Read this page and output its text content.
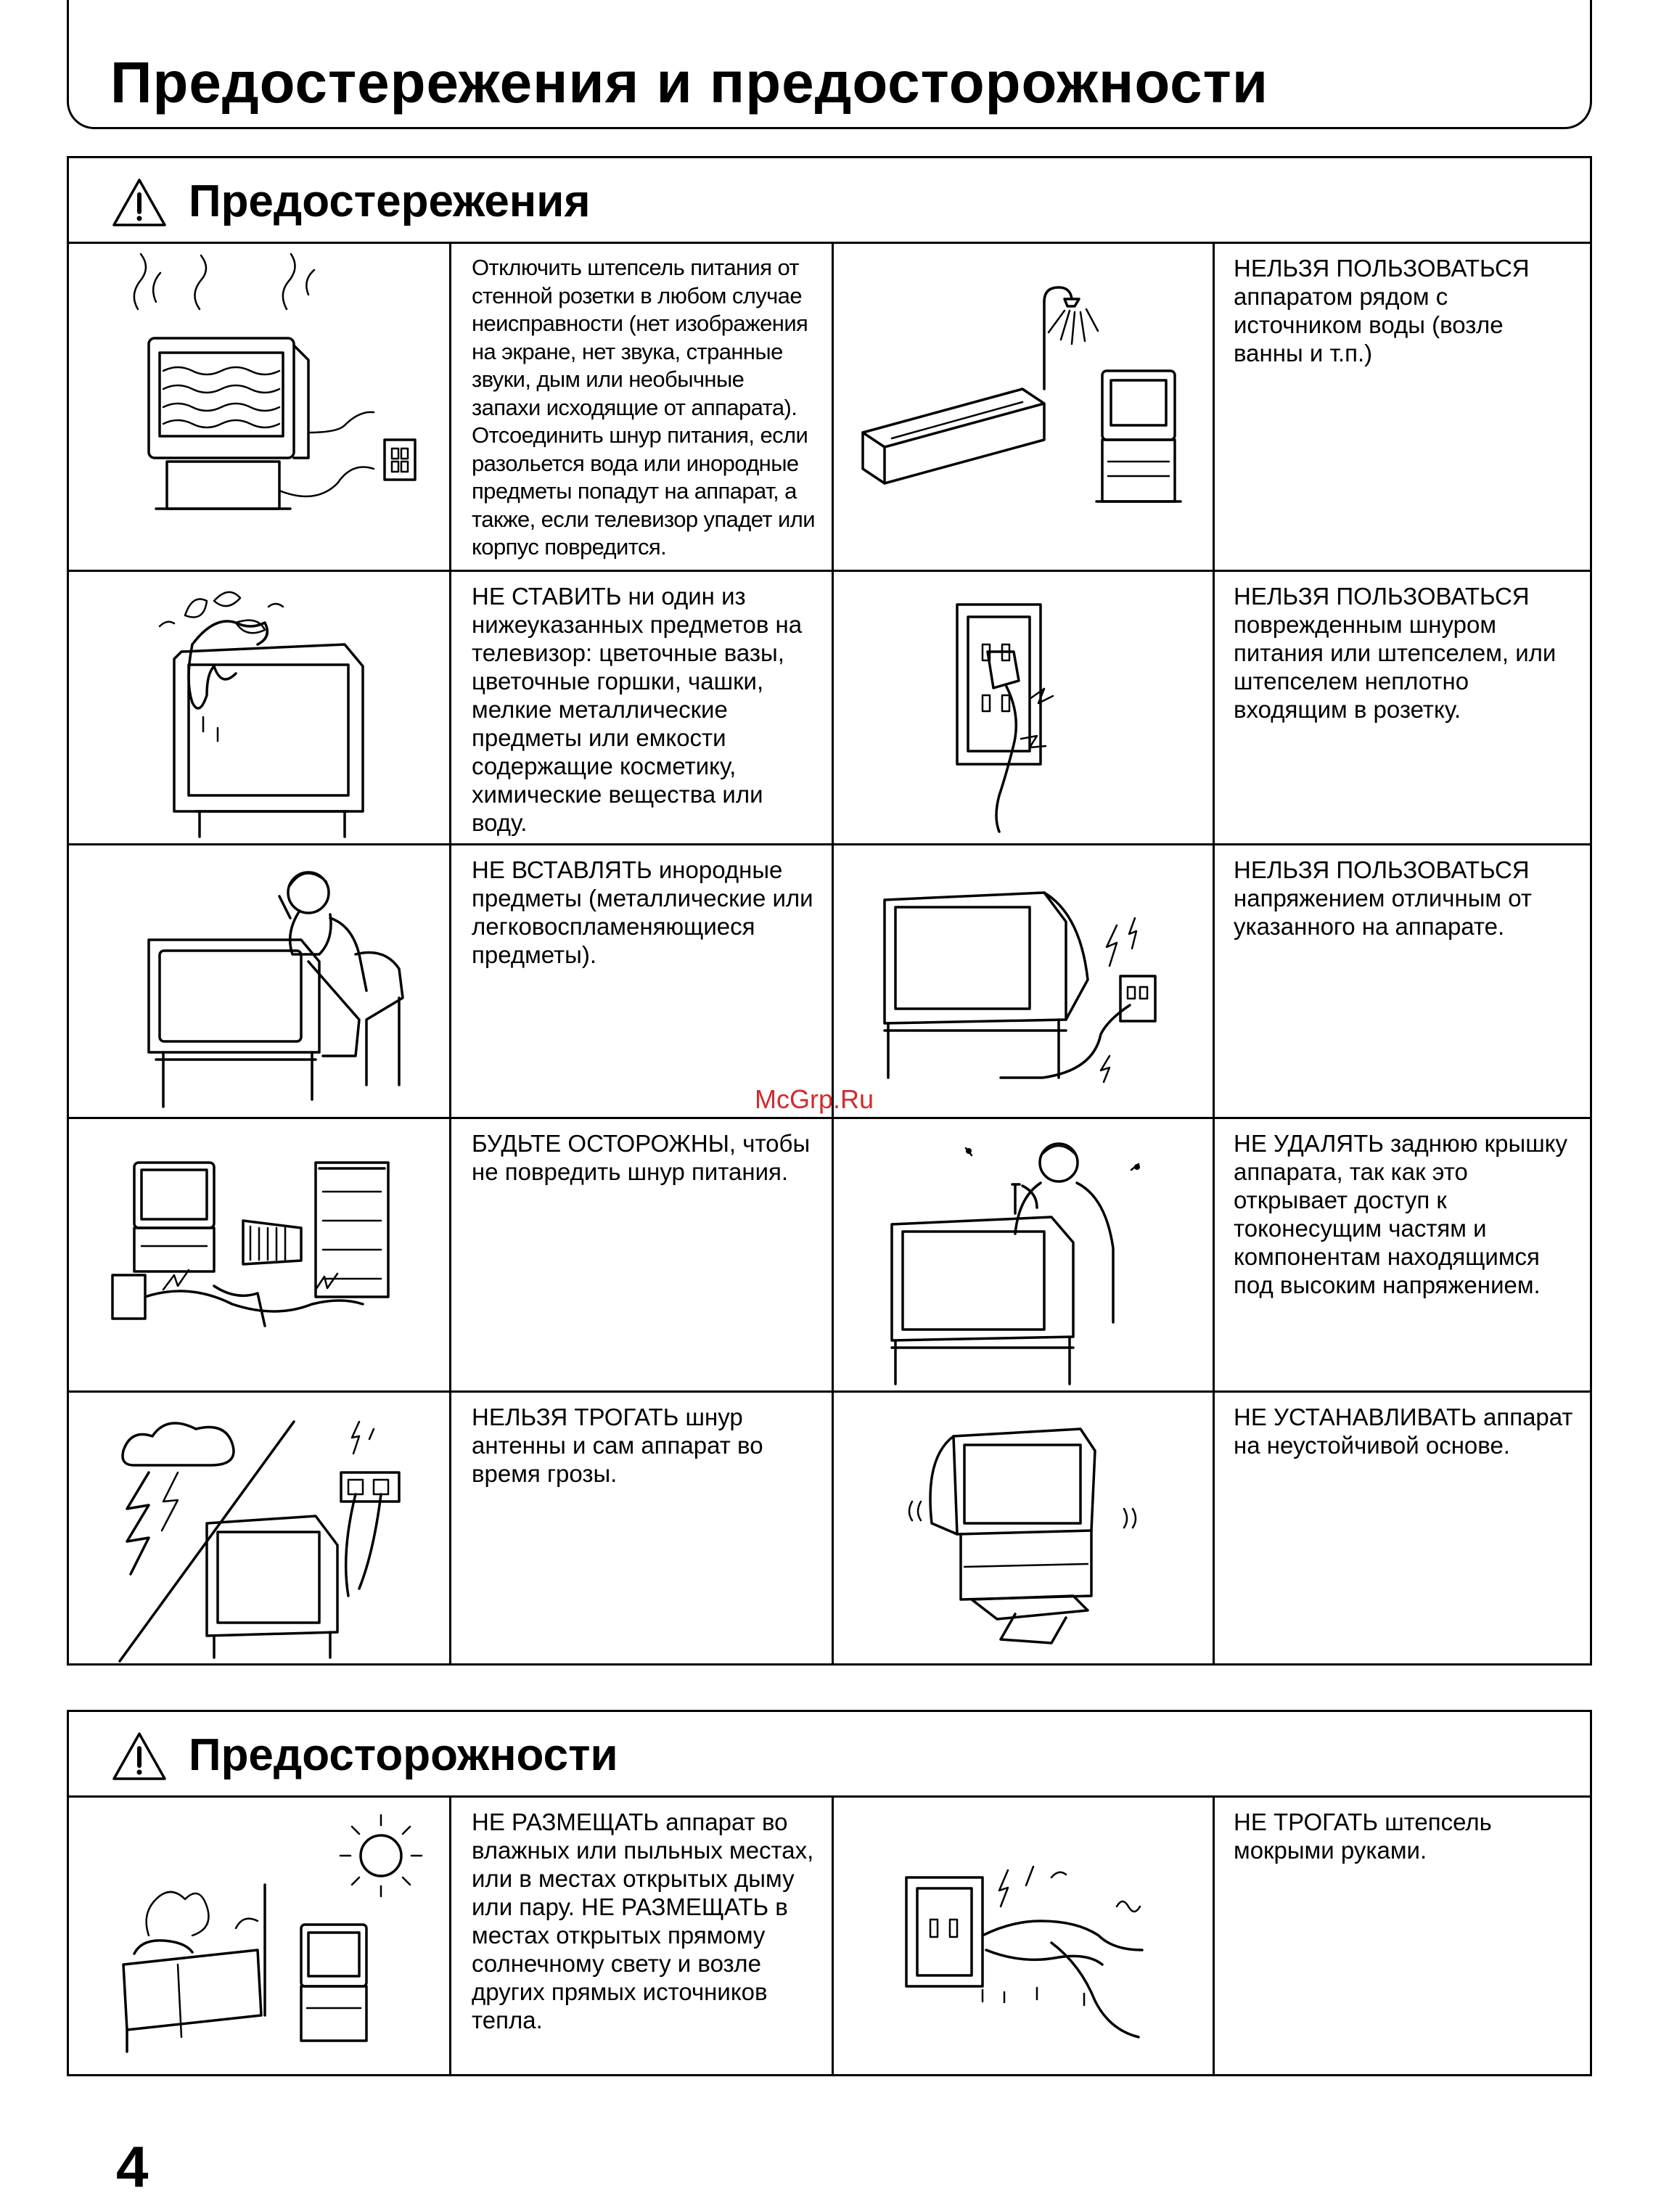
Предостережения и предосторожности
Предостережения
Отключить штепсель питания от стенной розетки в любом случае неисправности (нет изображения на экране, нет звука, странные звуки, дым или необычные запахи исходящие от аппарата). Отсоединить шнур питания, если разольется вода или инородные предметы попадут на аппарат, а также, если телевизор упадет или корпус повредится.
НЕЛЬЗЯ ПОЛЬЗОВАТЬСЯ аппаратом рядом с источником воды (возле ванны и т.п.)
НЕ СТАВИТЬ ни один из нижеуказанных предметов на телевизор: цветочные вазы, цветочные горшки, чашки, мелкие металлические предметы или емкости содержащие косметику, химические вещества или воду.
НЕЛЬЗЯ ПОЛЬЗОВАТЬСЯ поврежденным шнуром питания или штепселем, или штепселем неплотно входящим в розетку.
НЕ ВСТАВЛЯТЬ инородные предметы (металлические или легковоспламеняющиеся предметы).
НЕЛЬЗЯ ПОЛЬЗОВАТЬСЯ напряжением отличным от указанного на аппарате.
БУДЬТЕ ОСТОРОЖНЫ, чтобы не повредить шнур питания.
НЕ УДАЛЯТЬ заднюю крышку аппарата, так как это открывает доступ к токонесущим частям и компонентам находящимся под высоким напряжением.
НЕЛЬЗЯ ТРОГАТЬ шнур антенны и сам аппарат во время грозы.
НЕ УСТАНАВЛИВАТЬ аппарат на неустойчивой основе.
McGrp.Ru
Предосторожности
НЕ РАЗМЕЩАТЬ аппарат во влажных или пыльных местах, или в местах открытых дыму или пару. НЕ РАЗМЕЩАТЬ в местах открытых прямому солнечному свету и возле других прямых источников тепла.
НЕ ТРОГАТЬ штепсель мокрыми руками.
4
